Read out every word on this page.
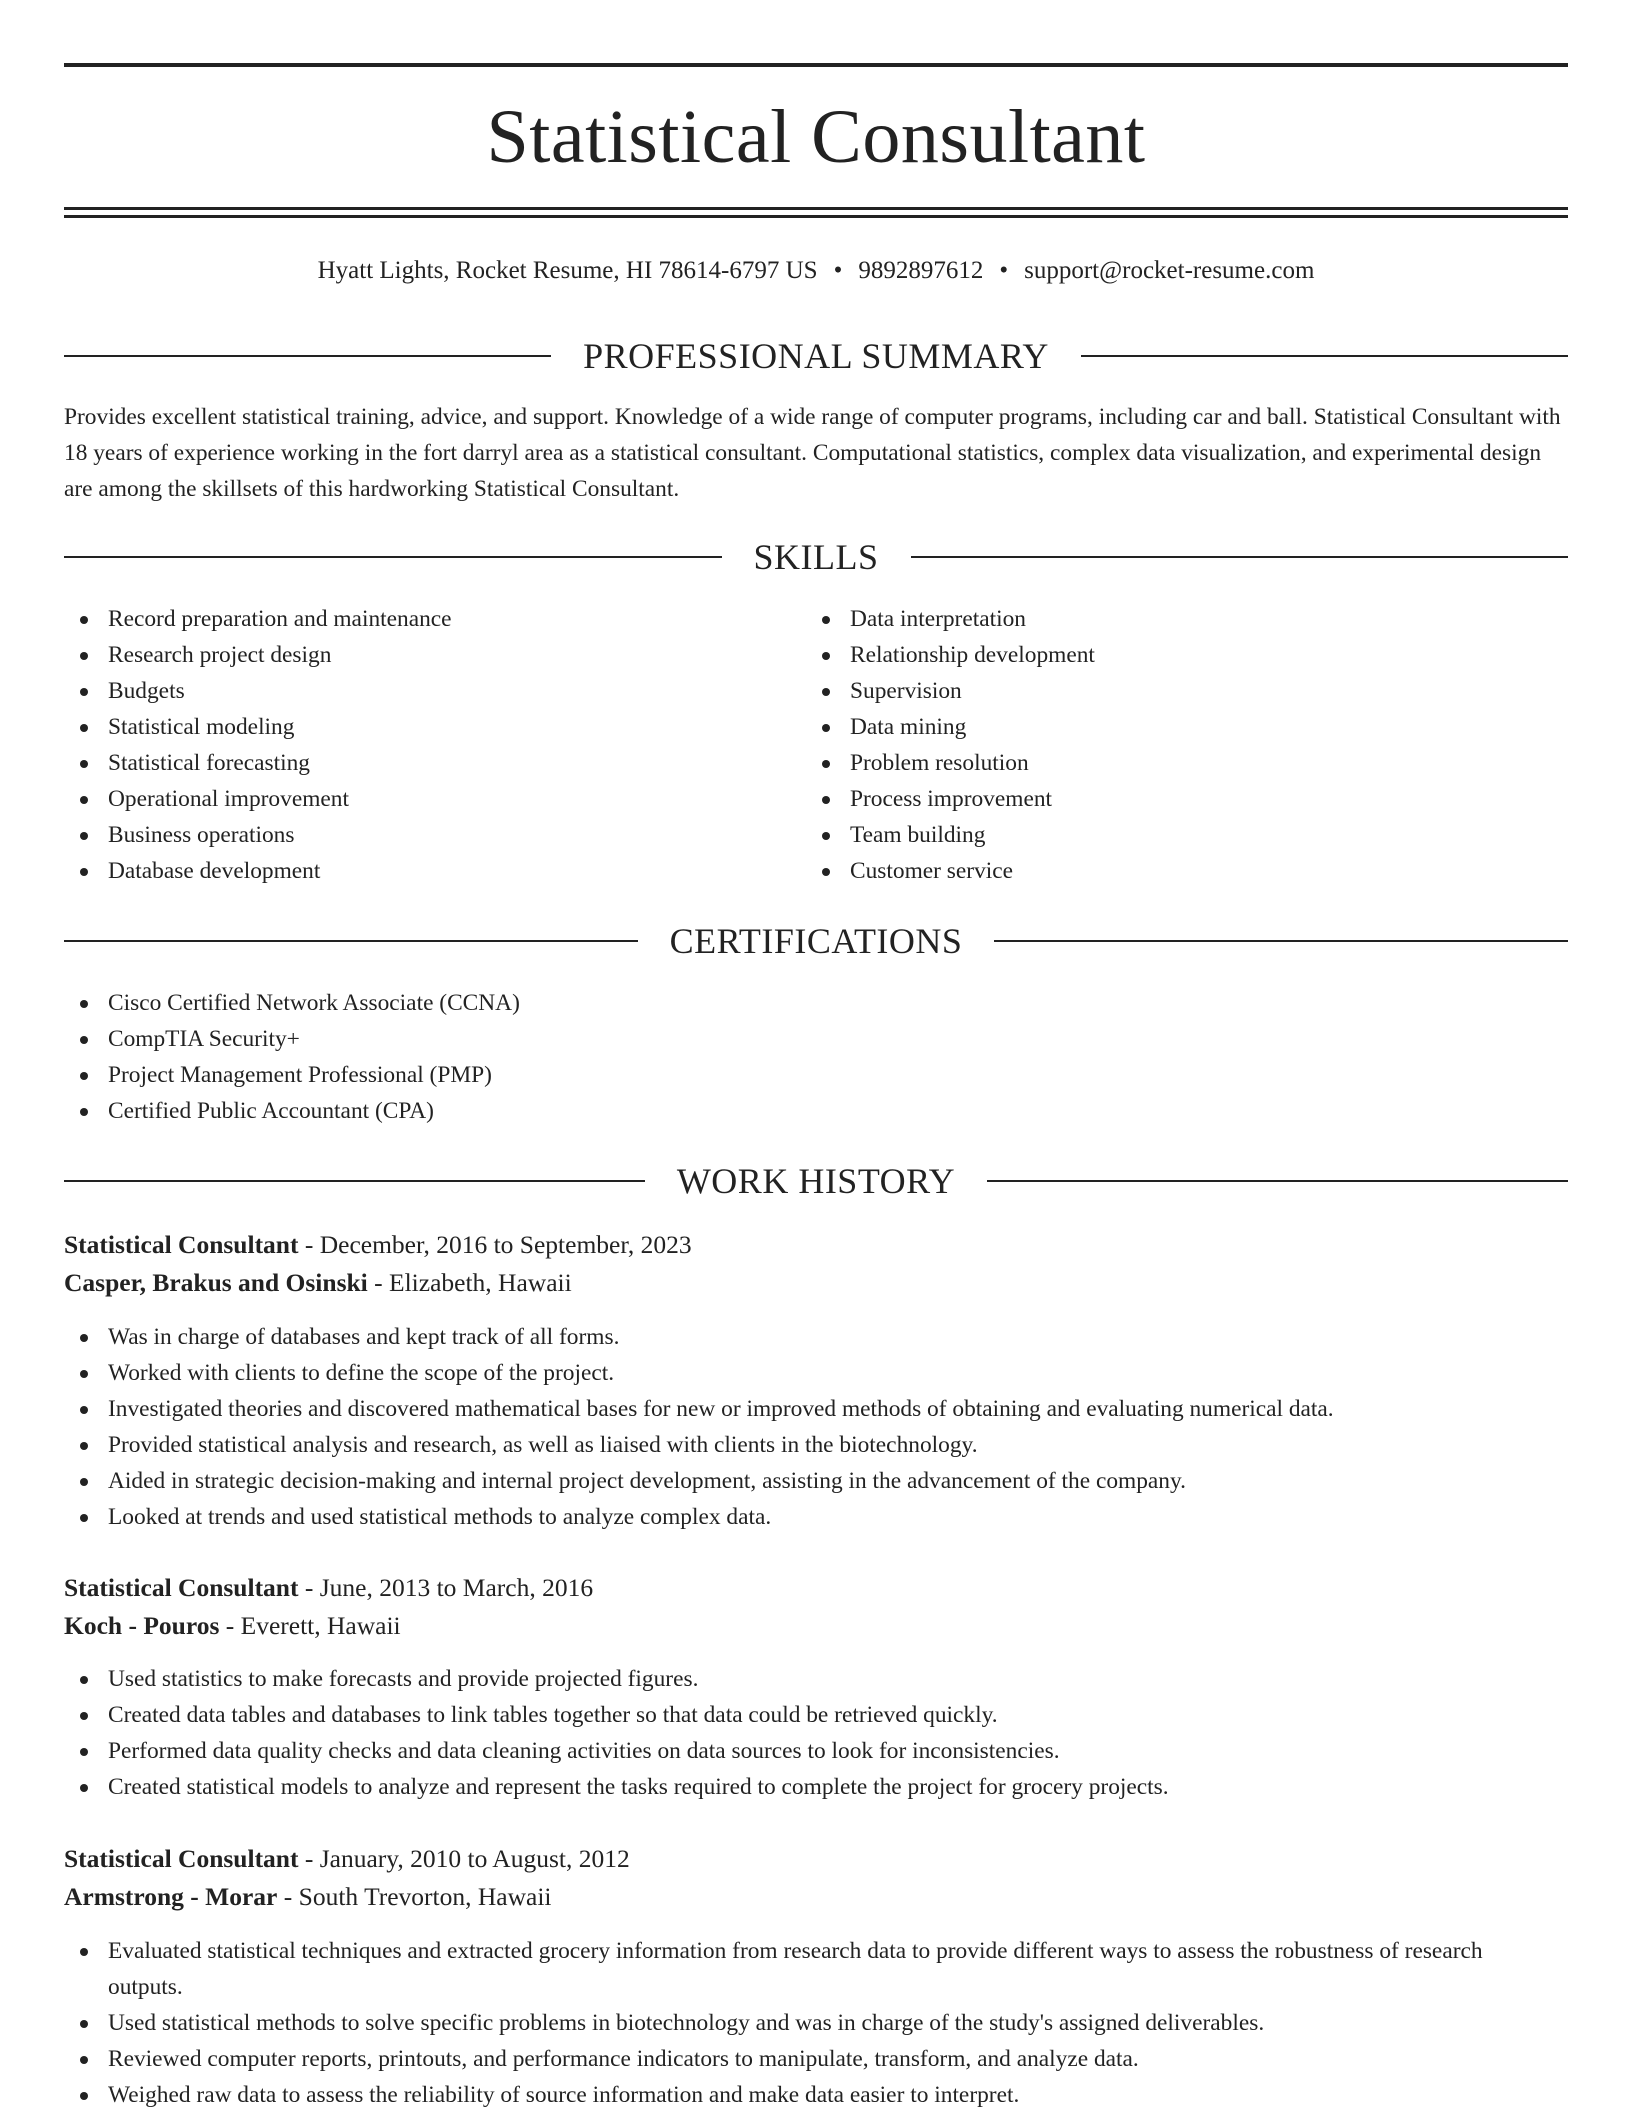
Statistical Consultant
Hyatt Lights, Rocket Resume, HI 78614-6797 US • 9892897612 • support@rocket-resume.com
PROFESSIONAL SUMMARY

Provides excellent statistical training, advice, and support. Knowledge of a wide range of computer programs, including car and ball. Statistical Consultant with 18 years of experience working in the fort darryl area as a statistical consultant. Computational statistics, complex data visualization, and experimental design are among the skillsets of this hardworking Statistical Consultant.

SKILLS
Record preparation and maintenance
Research project design
Budgets
Statistical modeling
Statistical forecasting
Operational improvement
Business operations
Database development
Data interpretation
Relationship development
Supervision
Data mining
Problem resolution
Process improvement
Team building
Customer service
CERTIFICATIONS
Cisco Certified Network Associate (CCNA)
CompTIA Security+
Project Management Professional (PMP)
Certified Public Accountant (CPA)
WORK HISTORY
Statistical Consultant - December, 2016 to September, 2023
Casper, Brakus and Osinski - Elizabeth, Hawaii
Was in charge of databases and kept track of all forms.
Worked with clients to define the scope of the project.
Investigated theories and discovered mathematical bases for new or improved methods of obtaining and evaluating numerical data.
Provided statistical analysis and research, as well as liaised with clients in the biotechnology.
Aided in strategic decision-making and internal project development, assisting in the advancement of the company.
Looked at trends and used statistical methods to analyze complex data.
Statistical Consultant - June, 2013 to March, 2016
Koch - Pouros - Everett, Hawaii
Used statistics to make forecasts and provide projected figures.
Created data tables and databases to link tables together so that data could be retrieved quickly.
Performed data quality checks and data cleaning activities on data sources to look for inconsistencies.
Created statistical models to analyze and represent the tasks required to complete the project for grocery projects.
Statistical Consultant - January, 2010 to August, 2012
Armstrong - Morar - South Trevorton, Hawaii
Evaluated statistical techniques and extracted grocery information from research data to provide different ways to assess the robustness of research outputs.
Used statistical methods to solve specific problems in biotechnology and was in charge of the study's assigned deliverables.
Reviewed computer reports, printouts, and performance indicators to manipulate, transform, and analyze data.
Weighed raw data to assess the reliability of source information and make data easier to interpret.
